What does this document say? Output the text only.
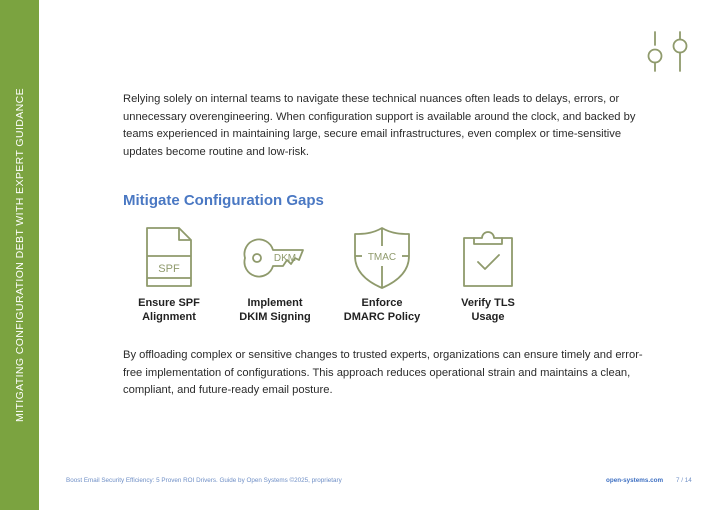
MITIGATING CONFIGURATION DEBT WITH EXPERT GUIDANCE	Relying solely on internal teams to navigate these technical nuances often leads to delays, errors, or unnecessary overengineering. When configuration support is available around the clock, and backed by teams experienced in maintaining large, secure email infrastructures, even complex or time-sensitive updates become routine and low-risk.

Mitigate Configuration Gaps
SPF
Ensure SPF
Alignment
DKM
Implement
DKIM Signing
TMAC
Enforce
DMARC Policy
Verify TLS
Usage

By offloading complex or sensitive changes to trusted experts, organizations can ensure timely and error-free implementation of configurations. This approach reduces operational strain and maintains a clean, compliant, and future-ready email posture.

Boost Email Security Efficiency: 5 Proven ROI Drivers. Guide by Open Systems ©2025, proprietary	open-systems.com 7 / 14
